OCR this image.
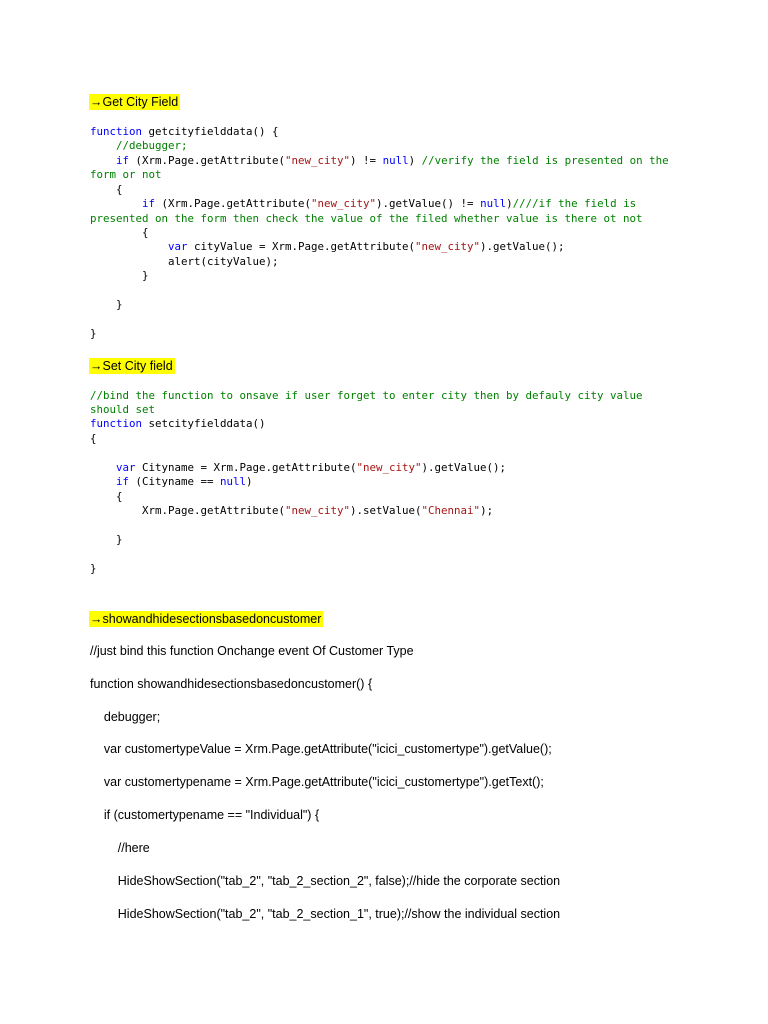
→Get City Field
function getcityfielddata() {
//debugger;
if (Xrm.Page.getAttribute("new_city") != null) //verify the field is presented on the
form or not
{
if (Xrm.Page.getAttribute("new_city").getValue() != null)////if the field is
presented on the form then check the value of the filed whether value is there ot not
{
var cityValue = Xrm.Page.getAttribute("new_city").getValue();
alert(cityValue);
}
}
}
→Set City field
//bind the function to onsave if user forget to enter city then by defauly city value
should set
function setcityfielddata()
{
var Cityname = Xrm.Page.getAttribute("new_city").getValue();
if (Cityname == null)
{
Xrm.Page.getAttribute("new_city").setValue("Chennai");
}
}
→showandhidesectionsbasedoncustomer
//just bind this function Onchange event Of Customer Type
function showandhidesectionsbasedoncustomer() {
debugger;
var customertypeValue = Xrm.Page.getAttribute("icici_customertype").getValue();
var customertypename = Xrm.Page.getAttribute("icici_customertype").getText();
if (customertypename == "Individual") {
//here
HideShowSection("tab_2", "tab_2_section_2", false);//hide the corporate section
HideShowSection("tab_2", "tab_2_section_1", true);//show the individual section
